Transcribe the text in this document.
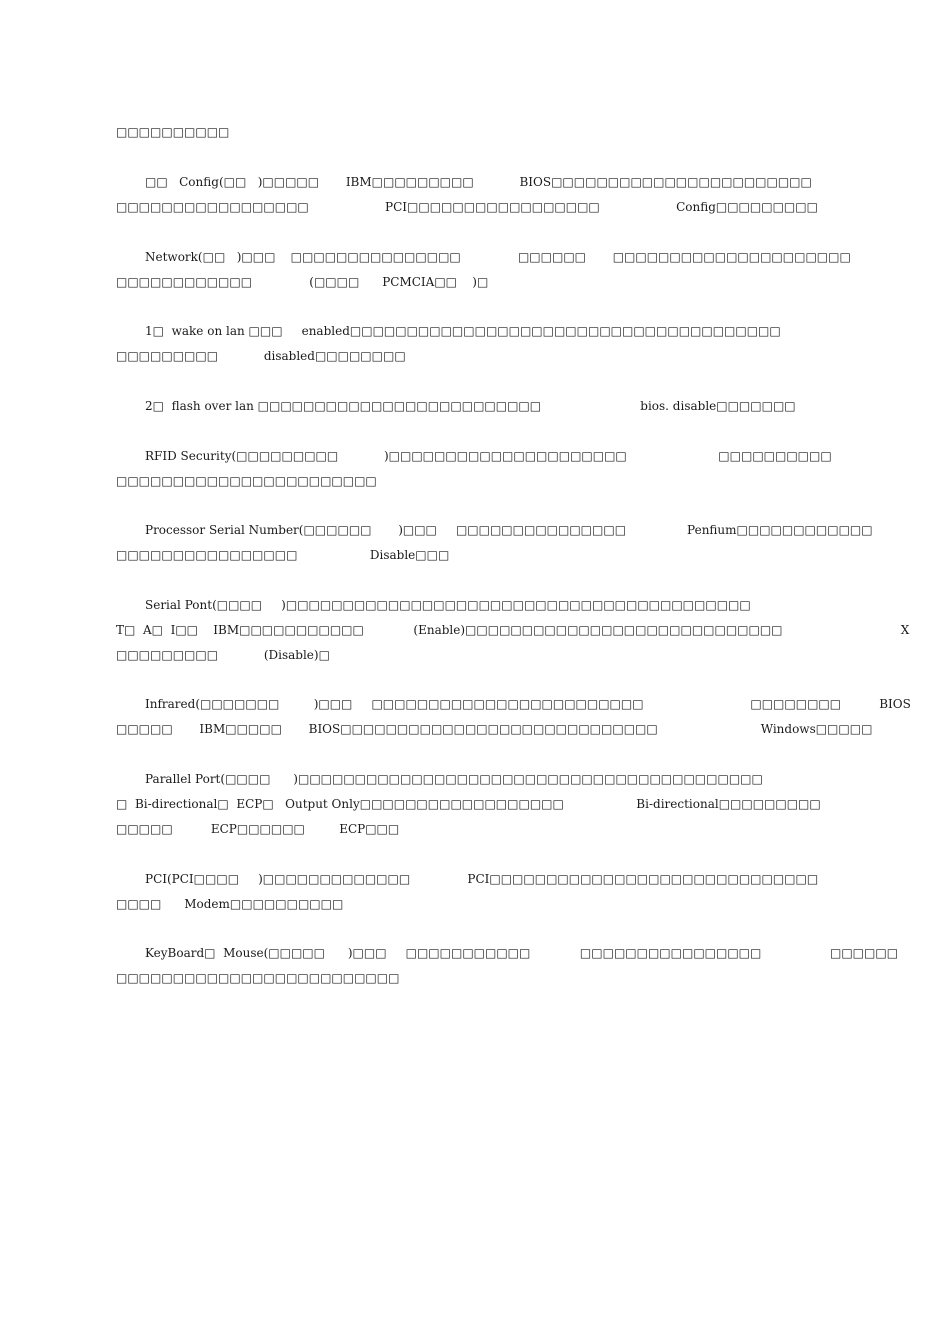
□□□□□□□□□□
□□   Config(□□   )□□□□□       IBM□□□□□□□□□            BIOS□□□□□□□□□□□□□□□□□□□□□□□
□□□□□□□□□□□□□□□□□                    PCI□□□□□□□□□□□□□□□□□                    Config□□□□□□□□□
Network(□□   )□□□    □□□□□□□□□□□□□□□               □□□□□□       □□□□□□□□□□□□□□□□□□□□□
□□□□□□□□□□□□               (□□□□      PCMCIA□□    )□
1□  wake on lan □□□     enabled□□□□□□□□□□□□□□□□□□□□□□□□□□□□□□□□□□□□□□
□□□□□□□□□            disabled□□□□□□□□
2□  flash over lan □□□□□□□□□□□□□□□□□□□□□□□□□                          bios. disable□□□□□□□
RFID Security(□□□□□□□□□            )□□□□□□□□□□□□□□□□□□□□□                        □□□□□□□□□□
□□□□□□□□□□□□□□□□□□□□□□□
Processor Serial Number(□□□□□□       )□□□     □□□□□□□□□□□□□□□                Penfium□□□□□□□□□□□□
□□□□□□□□□□□□□□□□                   Disable□□□
Serial Pont(□□□□     )□□□□□□□□□□□□□□□□□□□□□□□□□□□□□□□□□□□□□□□□□
T□  A□  I□□    IBM□□□□□□□□□□□             (Enable)□□□□□□□□□□□□□□□□□□□□□□□□□□□□                               X
□□□□□□□□□            (Disable)□
Infrared(□□□□□□□         )□□□     □□□□□□□□□□□□□□□□□□□□□□□□                            □□□□□□□□          BIOS
□□□□□       IBM□□□□□       BIOS□□□□□□□□□□□□□□□□□□□□□□□□□□□□                           Windows□□□□□
Parallel Port(□□□□      )□□□□□□□□□□□□□□□□□□□□□□□□□□□□□□□□□□□□□□□□□
□  Bi-directional□  ECP□   Output Only□□□□□□□□□□□□□□□□□□                   Bi-directional□□□□□□□□□
□□□□□          ECP□□□□□□         ECP□□□
PCI(PCI□□□□     )□□□□□□□□□□□□□               PCI□□□□□□□□□□□□□□□□□□□□□□□□□□□□□
□□□□      Modem□□□□□□□□□□
KeyBoard□  Mouse(□□□□□      )□□□     □□□□□□□□□□□             □□□□□□□□□□□□□□□□                  □□□□□□
□□□□□□□□□□□□□□□□□□□□□□□□□
